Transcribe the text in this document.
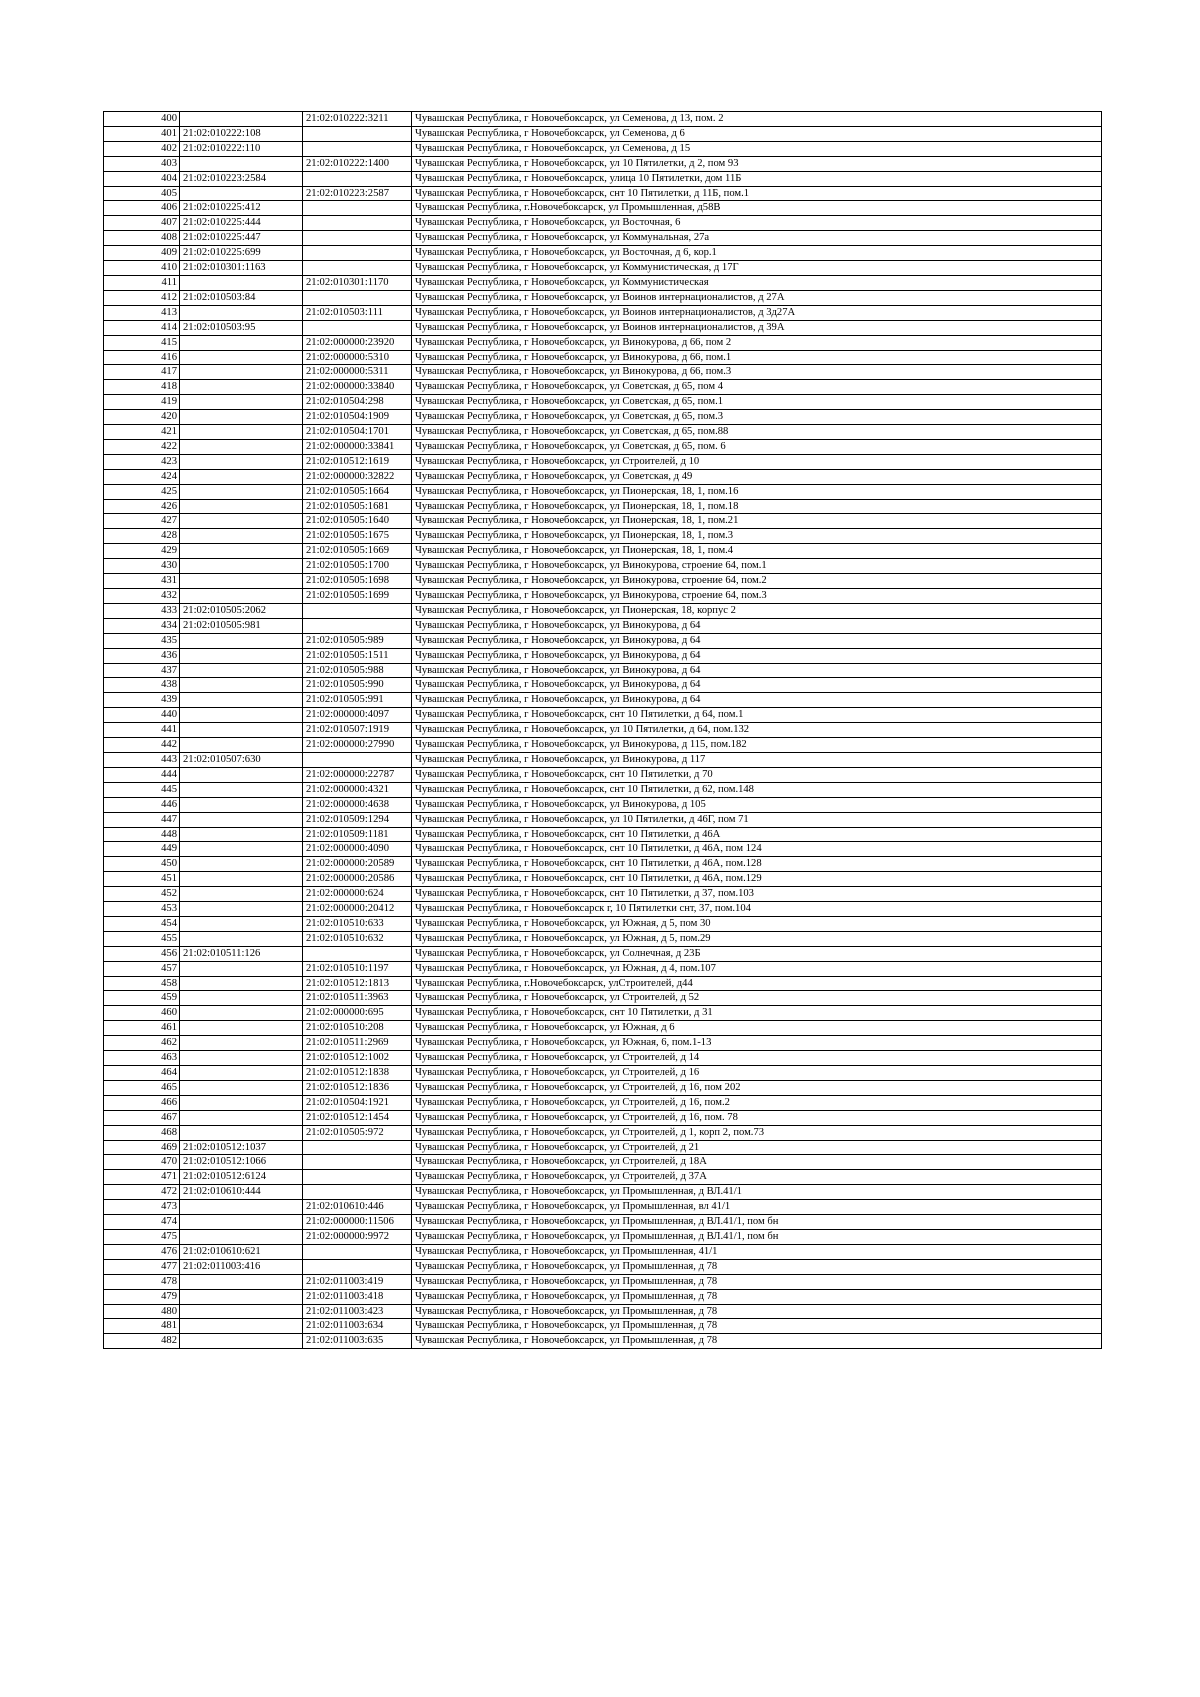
400		21:02:010222:3211	Чувашская Республика, г Новочебоксарск, ул Семенова, д 13, пом. 2
401	21:02:010222:108		Чувашская Республика, г Новочебоксарск, ул Семенова, д 6
402	21:02:010222:110		Чувашская Республика, г Новочебоксарск, ул Семенова, д 15
403		21:02:010222:1400	Чувашская Республика, г Новочебоксарск, ул 10 Пятилетки, д 2, пом 93
404	21:02:010223:2584		Чувашская Республика, г Новочебоксарск, улица 10 Пятилетки, дом 11Б
405		21:02:010223:2587	Чувашская Республика, г Новочебоксарск, снт 10 Пятилетки, д 11Б, пом.1
406	21:02:010225:412		Чувашская Республика, г.Новочебоксарск, ул Промышленная, д58В
407	21:02:010225:444		Чувашская Республика, г Новочебоксарск, ул Восточная, 6
408	21:02:010225:447		Чувашская Республика, г Новочебоксарск, ул Коммунальная, 27а
409	21:02:010225:699		Чувашская Республика, г Новочебоксарск, ул Восточная, д 6, кор.1
410	21:02:010301:1163		Чувашская Республика, г Новочебоксарск, ул Коммунистическая, д 17Г
411		21:02:010301:1170	Чувашская Республика, г Новочебоксарск, ул Коммунистическая
412	21:02:010503:84		Чувашская Республика, г Новочебоксарск, ул Воинов интернационалистов, д 27А
413		21:02:010503:111	Чувашская Республика, г Новочебоксарск, ул Воинов интернационалистов, д 3д27А
414	21:02:010503:95		Чувашская Республика, г Новочебоксарск, ул Воинов интернационалистов, д 39А
415		21:02:000000:23920	Чувашская Республика, г Новочебоксарск, ул Винокурова, д 66, пом 2
416		21:02:000000:5310	Чувашская Республика, г Новочебоксарск, ул Винокурова, д 66, пом.1
417		21:02:000000:5311	Чувашская Республика, г Новочебоксарск, ул Винокурова, д 66, пом.3
418		21:02:000000:33840	Чувашская Республика, г Новочебоксарск, ул Советская, д 65, пом 4
419		21:02:010504:298	Чувашская Республика, г Новочебоксарск, ул Советская, д 65, пом.1
420		21:02:010504:1909	Чувашская Республика, г Новочебоксарск, ул Советская, д 65, пом.3
421		21:02:010504:1701	Чувашская Республика, г Новочебоксарск, ул Советская, д 65, пом.88
422		21:02:000000:33841	Чувашская Республика, г Новочебоксарск, ул Советская, д 65, пом. 6
423		21:02:010512:1619	Чувашская Республика, г Новочебоксарск, ул Строителей, д 10
424		21:02:000000:32822	Чувашская Республика, г Новочебоксарск, ул Советская, д 49
425		21:02:010505:1664	Чувашская Республика, г Новочебоксарск, ул Пионерская, 18, 1, пом.16
426		21:02:010505:1681	Чувашская Республика, г Новочебоксарск, ул Пионерская, 18, 1, пом.18
427		21:02:010505:1640	Чувашская Республика, г Новочебоксарск, ул Пионерская, 18, 1, пом.21
428		21:02:010505:1675	Чувашская Республика, г Новочебоксарск, ул Пионерская, 18, 1, пом.3
429		21:02:010505:1669	Чувашская Республика, г Новочебоксарск, ул Пионерская, 18, 1, пом.4
430		21:02:010505:1700	Чувашская Республика, г Новочебоксарск, ул Винокурова, строение 64, пом.1
431		21:02:010505:1698	Чувашская Республика, г Новочебоксарск, ул Винокурова, строение 64, пом.2
432		21:02:010505:1699	Чувашская Республика, г Новочебоксарск, ул Винокурова, строение 64, пом.3
433	21:02:010505:2062		Чувашская Республика, г Новочебоксарск, ул Пионерская, 18, корпус 2
434	21:02:010505:981		Чувашская Республика, г Новочебоксарск, ул Винокурова, д 64
435		21:02:010505:989	Чувашская Республика, г Новочебоксарск, ул Винокурова, д 64
436		21:02:010505:1511	Чувашская Республика, г Новочебоксарск, ул Винокурова, д 64
437		21:02:010505:988	Чувашская Республика, г Новочебоксарск, ул Винокурова, д 64
438		21:02:010505:990	Чувашская Республика, г Новочебоксарск, ул Винокурова, д 64
439		21:02:010505:991	Чувашская Республика, г Новочебоксарск, ул Винокурова, д 64
440		21:02:000000:4097	Чувашская Республика, г Новочебоксарск, снт 10 Пятилетки, д 64, пом.1
441		21:02:010507:1919	Чувашская Республика, г Новочебоксарск, ул 10 Пятилетки, д 64, пом.132
442		21:02:000000:27990	Чувашская Республика, г Новочебоксарск, ул Винокурова, д 115, пом.182
443	21:02:010507:630		Чувашская Республика, г Новочебоксарск, ул Винокурова, д 117
444		21:02:000000:22787	Чувашская Республика, г Новочебоксарск, снт 10 Пятилетки, д 70
445		21:02:000000:4321	Чувашская Республика, г Новочебоксарск, снт 10 Пятилетки, д 62, пом.148
446		21:02:000000:4638	Чувашская Республика, г Новочебоксарск, ул Винокурова, д 105
447		21:02:010509:1294	Чувашская Республика, г Новочебоксарск, ул 10 Пятилетки, д 46Г, пом 71
448		21:02:010509:1181	Чувашская Республика, г Новочебоксарск, снт 10 Пятилетки, д 46А
449		21:02:000000:4090	Чувашская Республика, г Новочебоксарск, снт 10 Пятилетки, д 46А, пом 124
450		21:02:000000:20589	Чувашская Республика, г Новочебоксарск, снт 10 Пятилетки, д 46А, пом.128
451		21:02:000000:20586	Чувашская Республика, г Новочебоксарск, снт 10 Пятилетки, д 46А, пом.129
452		21:02:000000:624	Чувашская Республика, г Новочебоксарск, снт 10 Пятилетки, д 37, пом.103
453		21:02:000000:20412	Чувашская Республика, г Новочебоксарск г, 10 Пятилетки снт, 37, пом.104
454		21:02:010510:633	Чувашская Республика, г Новочебоксарск, ул Южная, д 5, пом 30
455		21:02:010510:632	Чувашская Республика, г Новочебоксарск, ул Южная, д 5, пом.29
456	21:02:010511:126		Чувашская Республика, г Новочебоксарск, ул Солнечная, д 23Б
457		21:02:010510:1197	Чувашская Республика, г Новочебоксарск, ул Южная, д 4, пом.107
458		21:02:010512:1813	Чувашская Республика, г.Новочебоксарск, улСтроителей, д44
459		21:02:010511:3963	Чувашская Республика, г Новочебоксарск, ул Строителей, д 52
460		21:02:000000:695	Чувашская Республика, г Новочебоксарск, снт 10 Пятилетки, д 31
461		21:02:010510:208	Чувашская Республика, г Новочебоксарск, ул Южная, д 6
462		21:02:010511:2969	Чувашская Республика, г Новочебоксарск, ул Южная, 6, пом.1-13
463		21:02:010512:1002	Чувашская Республика, г Новочебоксарск, ул Строителей, д 14
464		21:02:010512:1838	Чувашская Республика, г Новочебоксарск, ул Строителей, д 16
465		21:02:010512:1836	Чувашская Республика, г Новочебоксарск, ул Строителей, д 16, пом 202
466		21:02:010504:1921	Чувашская Республика, г Новочебоксарск, ул Строителей, д 16, пом.2
467		21:02:010512:1454	Чувашская Республика, г Новочебоксарск, ул Строителей, д 16, пом. 78
468		21:02:010505:972	Чувашская Республика, г Новочебоксарск, ул Строителей, д 1, корп 2, пом.73
469	21:02:010512:1037		Чувашская Республика, г Новочебоксарск, ул Строителей, д 21
470	21:02:010512:1066		Чувашская Республика, г Новочебоксарск, ул Строителей, д 18А
471	21:02:010512:6124		Чувашская Республика, г Новочебоксарск, ул Строителей, д 37А
472	21:02:010610:444		Чувашская Республика, г Новочебоксарск, ул Промышленная, д ВЛ.41/1
473		21:02:010610:446	Чувашская Республика, г Новочебоксарск, ул Промышленная, вл 41/1
474		21:02:000000:11506	Чувашская Республика, г Новочебоксарск, ул Промышленная, д ВЛ.41/1, пом бн
475		21:02:000000:9972	Чувашская Республика, г Новочебоксарск, ул Промышленная, д ВЛ.41/1, пом бн
476	21:02:010610:621		Чувашская Республика, г Новочебоксарск, ул Промышленная, 41/1
477	21:02:011003:416		Чувашская Республика, г Новочебоксарск, ул Промышленная, д 78
478		21:02:011003:419	Чувашская Республика, г Новочебоксарск, ул Промышленная, д 78
479		21:02:011003:418	Чувашская Республика, г Новочебоксарск, ул Промышленная, д 78
480		21:02:011003:423	Чувашская Республика, г Новочебоксарск, ул Промышленная, д 78
481		21:02:011003:634	Чувашская Республика, г Новочебоксарск, ул Промышленная, д 78
482		21:02:011003:635	Чувашская Республика, г Новочебоксарск, ул Промышленная, д 78
